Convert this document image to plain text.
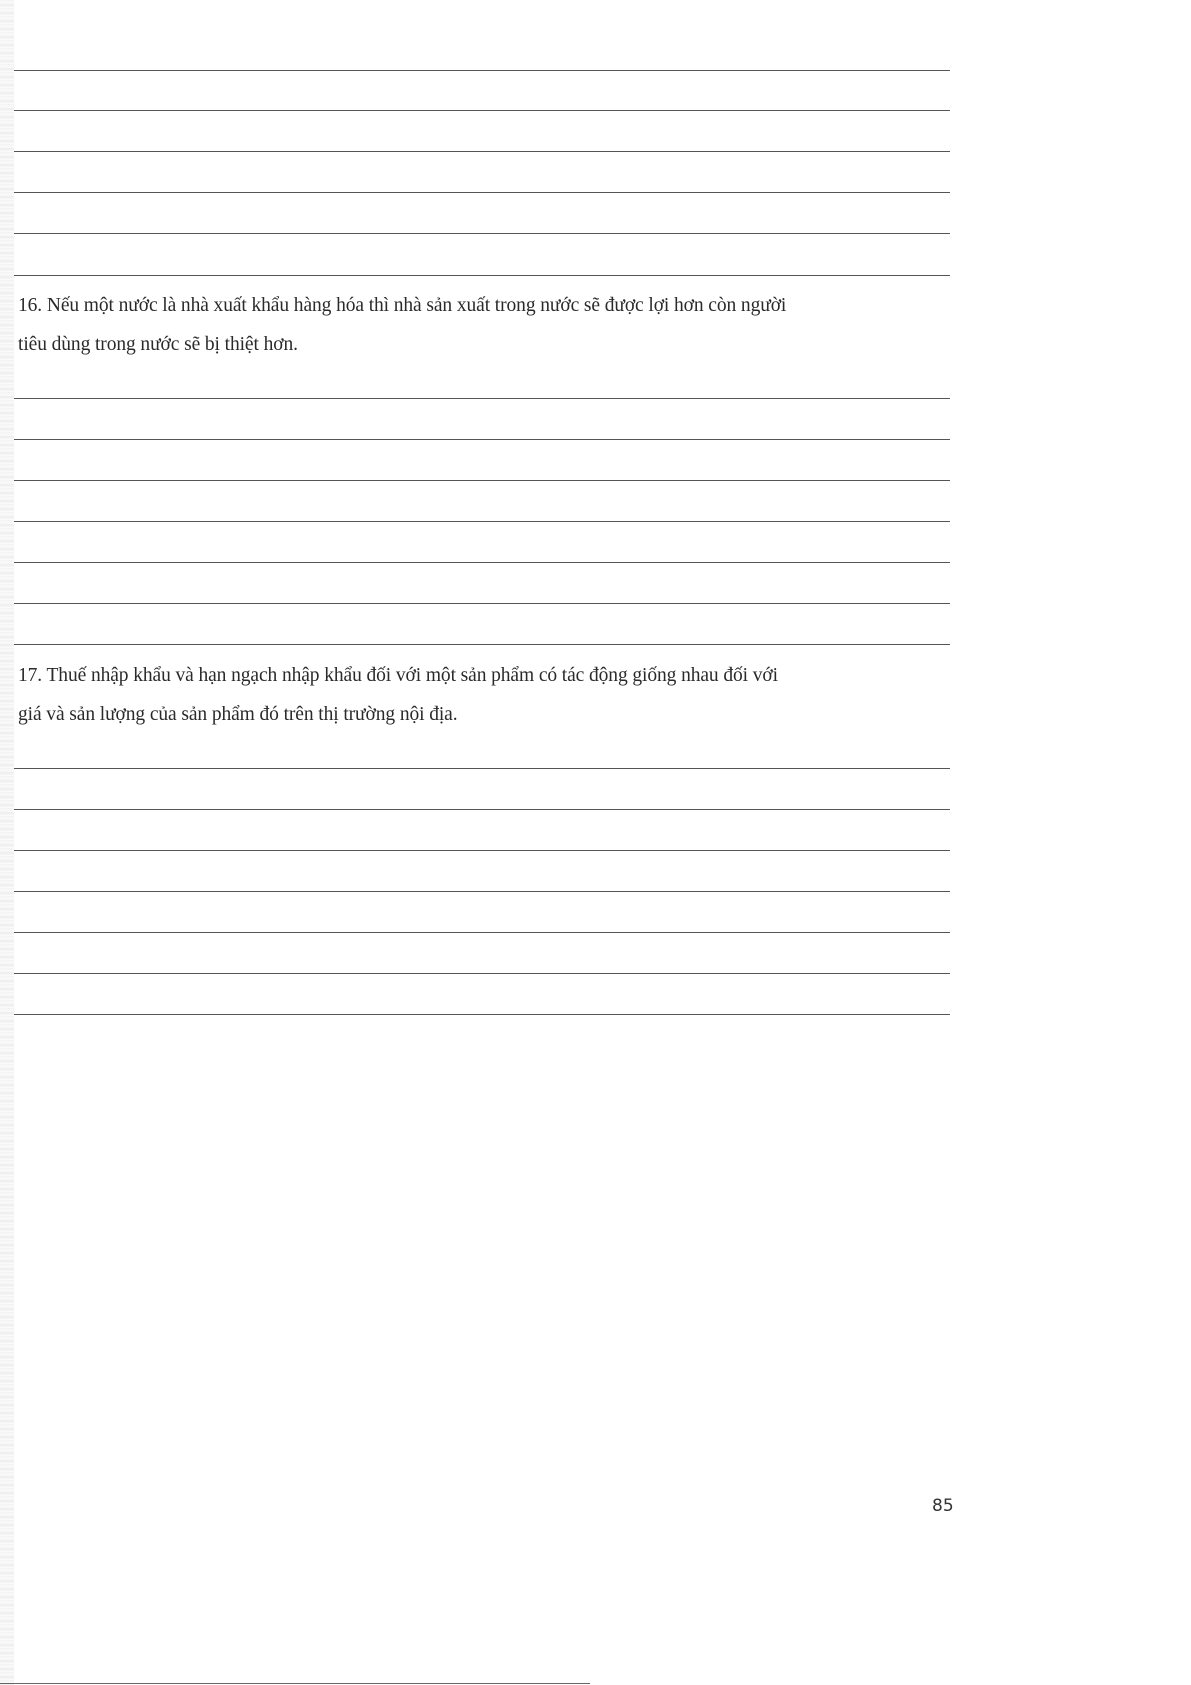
16. Nếu một nước là nhà xuất khẩu hàng hóa thì nhà sản xuất trong nước sẽ được lợi hơn còn người
tiêu dùng trong nước sẽ bị thiệt hơn.
17. Thuế nhập khẩu và hạn ngạch nhập khẩu đối với một sản phẩm có tác động giống nhau đối với
giá và sản lượng của sản phẩm đó trên thị trường nội địa.
85
